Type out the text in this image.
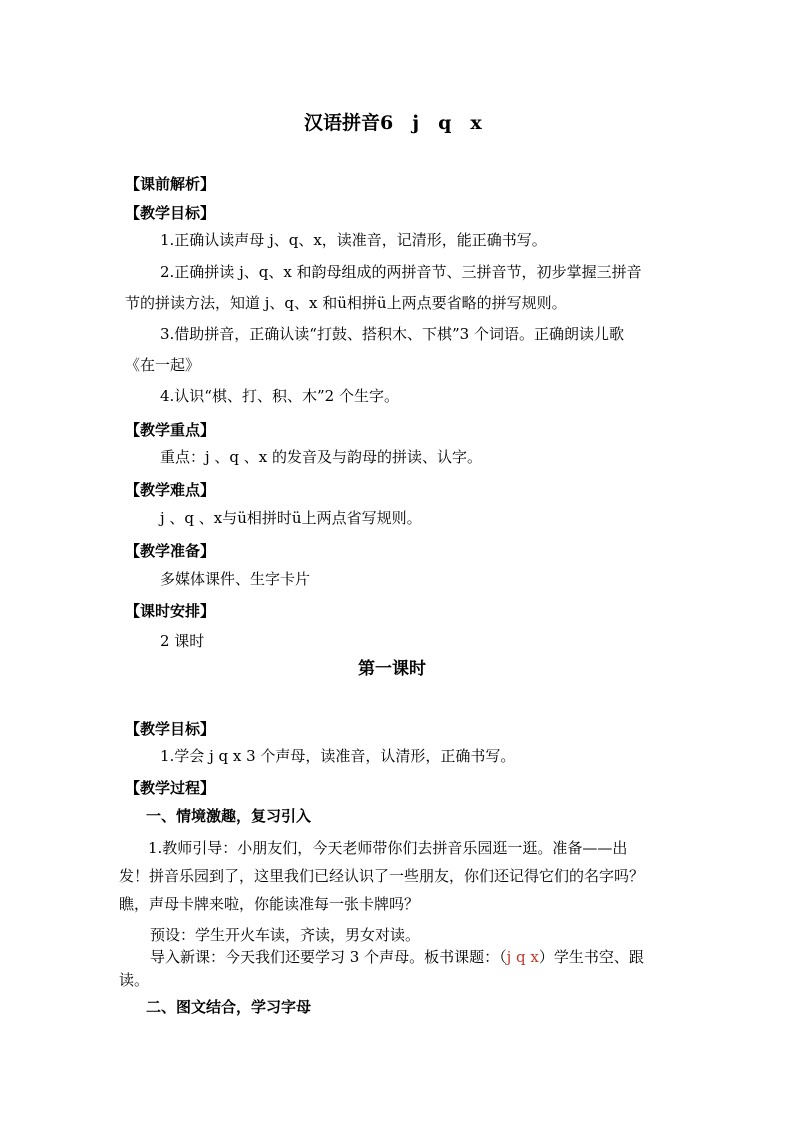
汉语拼音6　j　q　x
【课前解析】
【教学目标】
1.正确认读声母 j、q、x，读准音，记清形，能正确书写。
2.正确拼读 j、q、x 和韵母组成的两拼音节、三拼音节，初步掌握三拼音
节的拼读方法，知道 j、q、x 和ü相拼ü上两点要省略的拼写规则。
3.借助拼音，正确认读“打鼓、搭积木、下棋”3 个词语。正确朗读儿歌
《在一起》
4.认识“棋、打、积、木”2 个生字。
【教学重点】
重点：j 、q 、x 的发音及与韵母的拼读、认字。
【教学难点】
j 、q 、x与ü相拼时ü上两点省写规则。
【教学准备】
多媒体课件、生字卡片
【课时安排】
2 课时
第一课时
【教学目标】
1.学会 j q x 3 个声母，读准音，认清形，正确书写。
【教学过程】
一、情境激趣，复习引入
1.教师引导：小朋友们，今天老师带你们去拼音乐园逛一逛。准备——出
发！拼音乐园到了，这里我们已经认识了一些朋友，你们还记得它们的名字吗？
瞧，声母卡牌来啦，你能读准每一张卡牌吗？
预设：学生开火车读，齐读，男女对读。
导入新课：今天我们还要学习 3 个声母。板书课题：（j q x）学生书空、跟
读。
二、图文结合，学习字母
